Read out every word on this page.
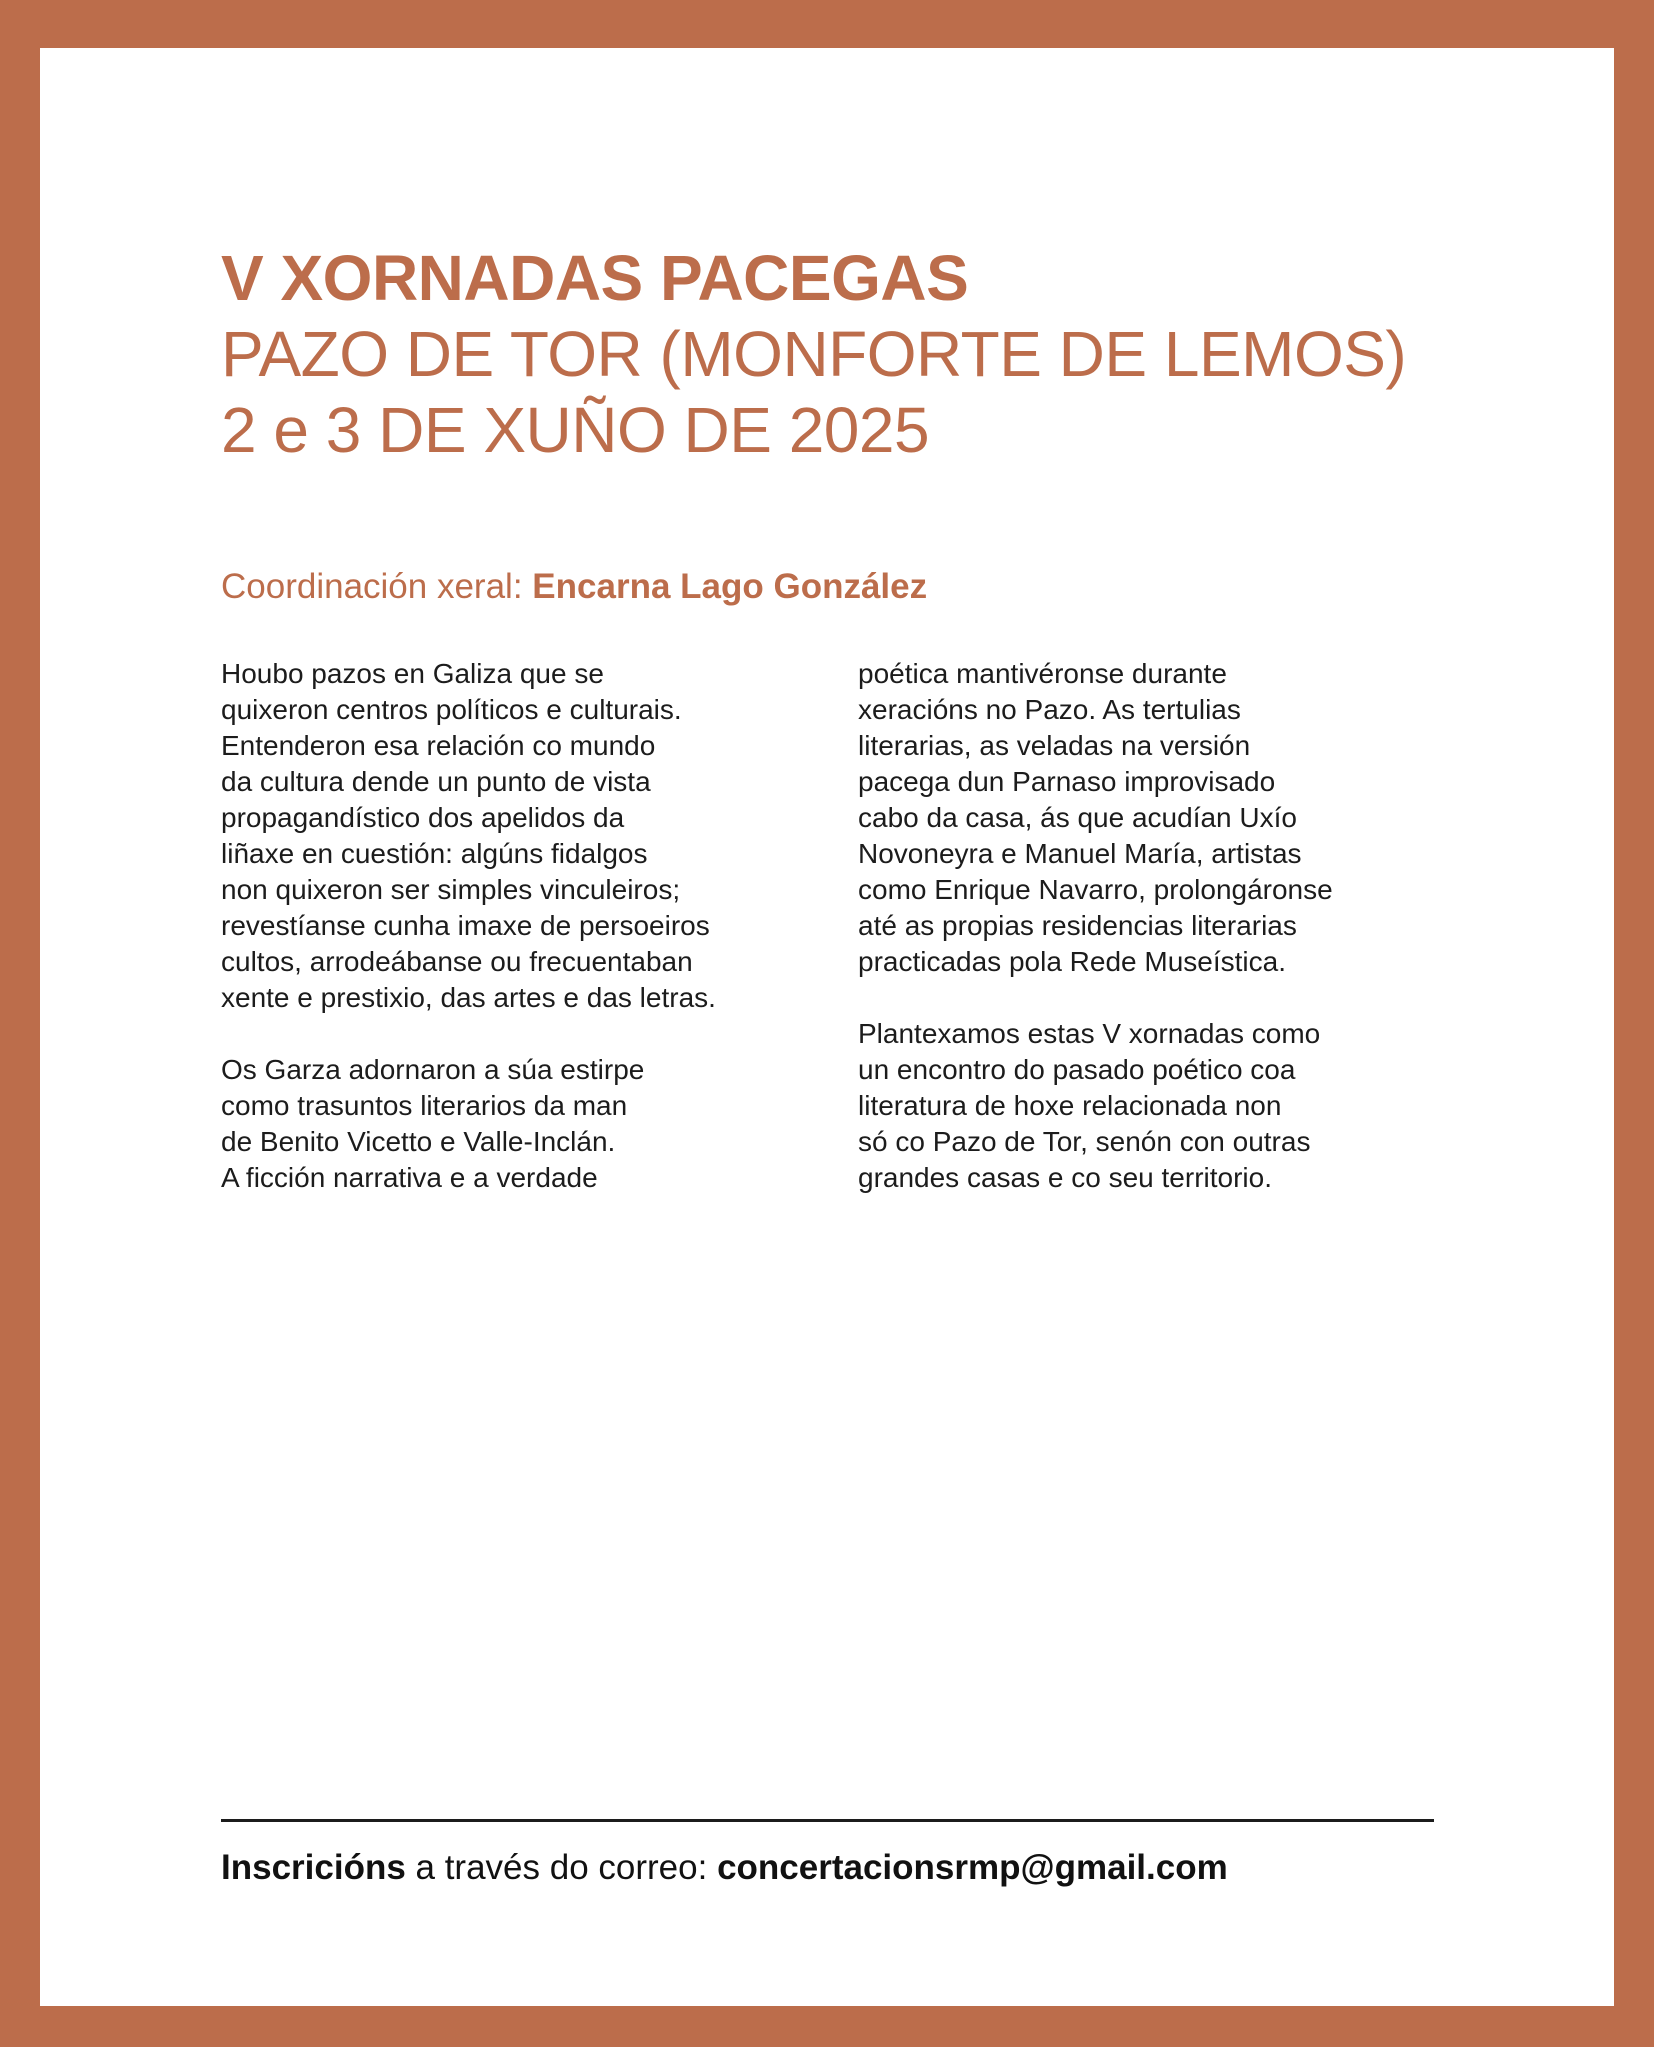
V XORNADAS PACEGAS

PAZO DE TOR (MONFORTE DE LEMOS)

2 e 3 DE XUÑO DE 2025

Coordinación xeral: Encarna Lago González

Houbo pazos en Galiza que se
quixeron centros políticos e culturais.
Entenderon esa relación co mundo
da cultura dende un punto de vista
propagandístico dos apelidos da
liñaxe en cuestión: algúns fidalgos
non quixeron ser simples vinculeiros;
revestíanse cunha imaxe de persoeiros
cultos, arrodeábanse ou frecuentaban
xente e prestixio, das artes e das letras.

Os Garza adornaron a súa estirpe
como trasuntos literarios da man
de Benito Vicetto e Valle-Inclán.
A ficción narrativa e a verdade

poética mantivéronse durante
xeracións no Pazo. As tertulias
literarias, as veladas na versión
pacega dun Parnaso improvisado
cabo da casa, ás que acudían Uxío
Novoneyra e Manuel María, artistas
como Enrique Navarro, prolongáronse
até as propias residencias literarias
practicadas pola Rede Museística.

Plantexamos estas V xornadas como
un encontro do pasado poético coa
literatura de hoxe relacionada non
só co Pazo de Tor, senón con outras
grandes casas e co seu territorio.

Inscricións a través do correo: concertacionsrmp@gmail.com
